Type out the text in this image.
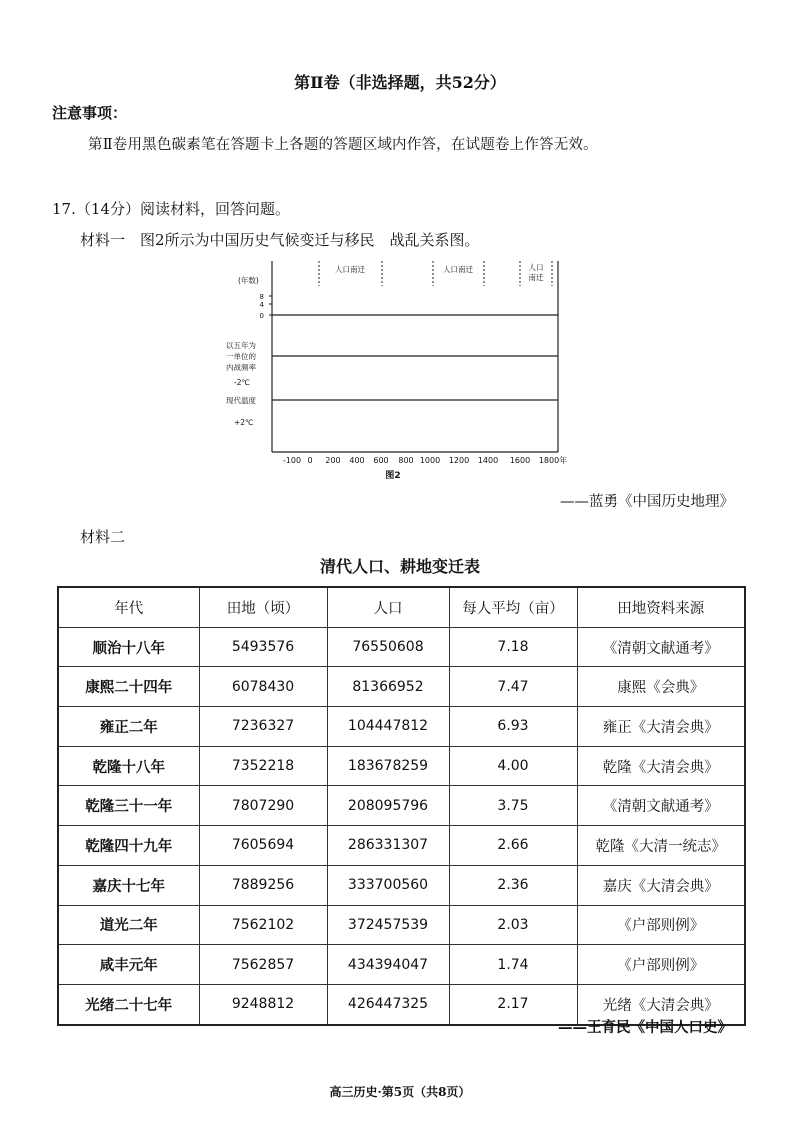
第Ⅱ卷（非选择题，共52分）
注意事项：
第Ⅱ卷用黑色碳素笔在答题卡上各题的答题区域内作答，在试题卷上作答无效。
17.（14分）阅读材料，回答问题。
材料一　图2所示为中国历史气候变迁与移民　战乱关系图。
人口南迁	人口南迁	人口
南迁
(年数)
8
4
0
以五年为
一单位的
内战频率
-2℃
现代温度
+2℃
-100 0 200 400 600 800 1000 1200 1400 1600 1800年
图2
——蓝勇《中国历史地理》
材料二
清代人口、耕地变迁表
年代	田地（顷）	人口	每人平均（亩）	田地资料来源
顺治十八年	5493576	76550608	7.18	《清朝文献通考》
康熙二十四年	6078430	81366952	7.47	康熙《会典》
雍正二年	7236327	104447812	6.93	雍正《大清会典》
乾隆十八年	7352218	183678259	4.00	乾隆《大清会典》
乾隆三十一年	7807290	208095796	3.75	《清朝文献通考》
乾隆四十九年	7605694	286331307	2.66	乾隆《大清一统志》
嘉庆十七年	7889256	333700560	2.36	嘉庆《大清会典》
道光二年	7562102	372457539	2.03	《户部则例》
咸丰元年	7562857	434394047	1.74	《户部则例》
光绪二十七年	9248812	426447325	2.17	光绪《大清会典》
——王育民《中国人口史》
高三历史·第5页（共8页）
